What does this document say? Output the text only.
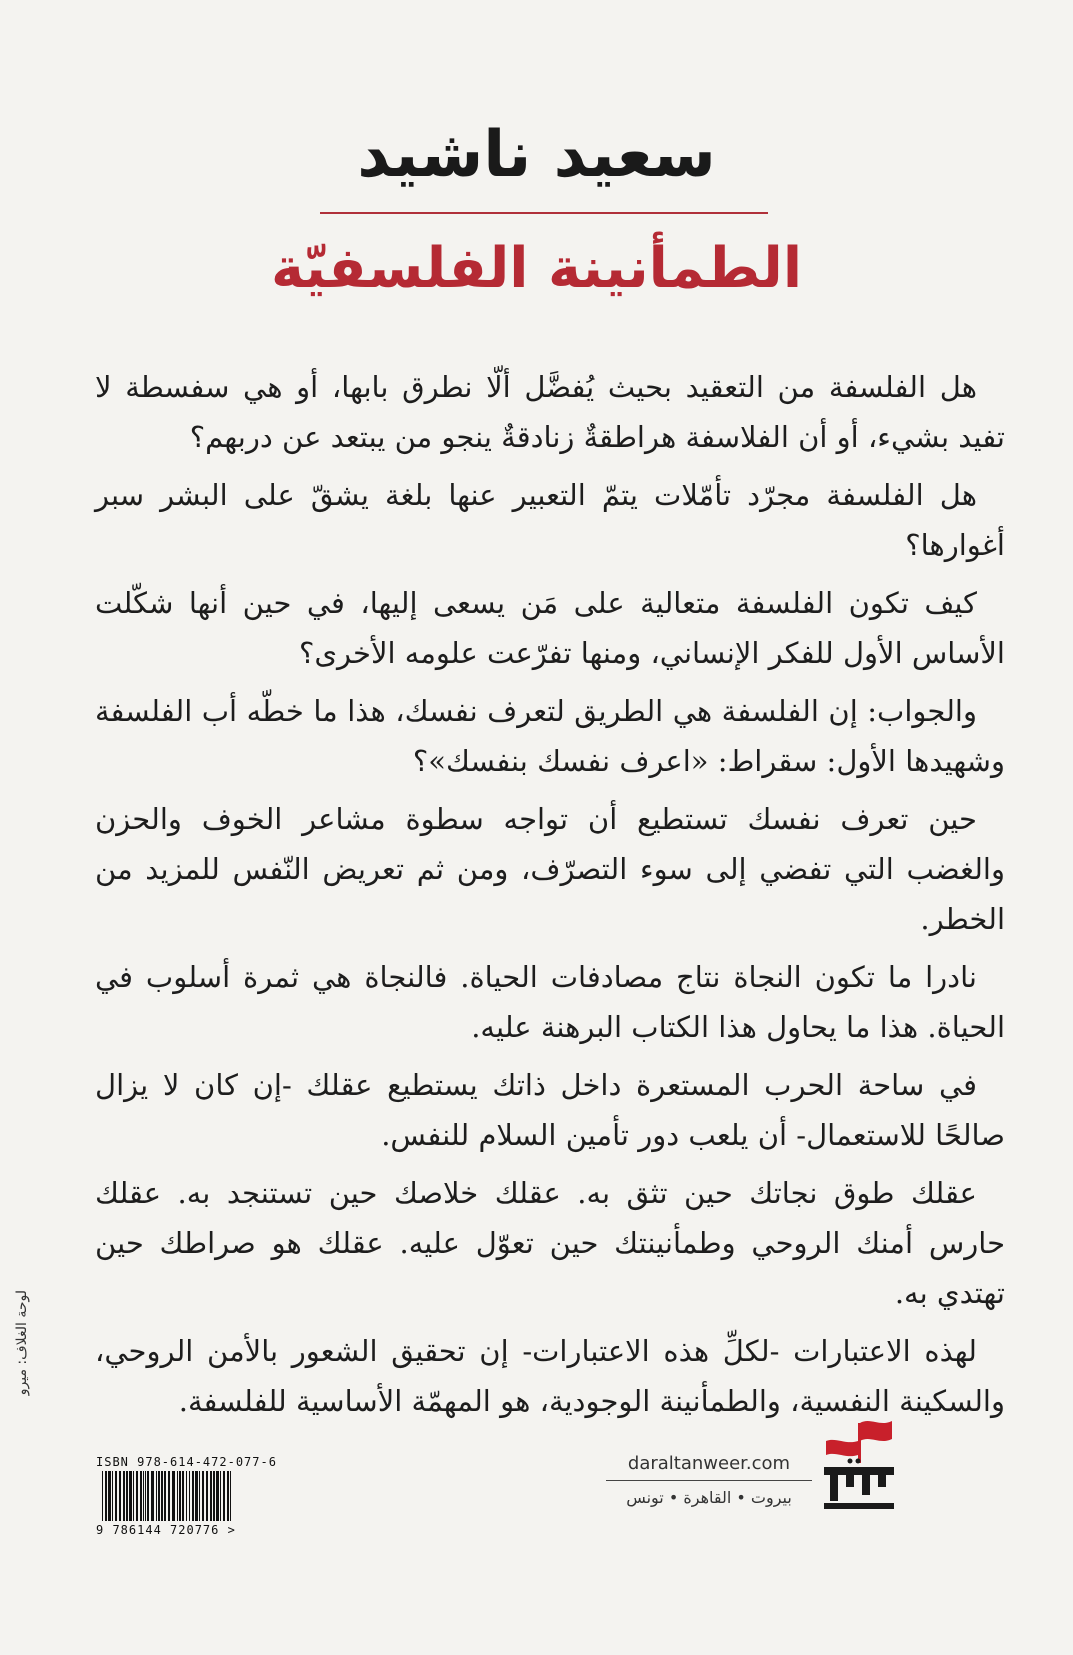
سعيد ناشيد
الطمأنينة الفلسفيّة

هل الفلسفة من التعقيد بحيث يُفضَّل ألّا نطرق بابها، أو هي سفسطة لا تفيد بشيء، أو أن الفلاسفة هراطقةٌ زنادقةٌ ينجو من يبتعد عن دربهم؟

هل الفلسفة مجرّد تأمّلات يتمّ التعبير عنها بلغة يشقّ على البشر سبر أغوارها؟

كيف تكون الفلسفة متعالية على مَن يسعى إليها، في حين أنها شكّلت الأساس الأول للفكر الإنساني، ومنها تفرّعت علومه الأخرى؟

والجواب: إن الفلسفة هي الطريق لتعرف نفسك، هذا ما خطّه أب الفلسفة وشهيدها الأول: سقراط: «اعرف نفسك بنفسك»؟

حين تعرف نفسك تستطيع أن تواجه سطوة مشاعر الخوف والحزن والغضب التي تفضي إلى سوء التصرّف، ومن ثم تعريض النّفس للمزيد من الخطر.

نادرا ما تكون النجاة نتاج مصادفات الحياة. فالنجاة هي ثمرة أسلوب في الحياة. هذا ما يحاول هذا الكتاب البرهنة عليه.

في ساحة الحرب المستعرة داخل ذاتك يستطيع عقلك -إن كان لا يزال صالحًا للاستعمال- أن يلعب دور تأمين السلام للنفس.

عقلك طوق نجاتك حين تثق به. عقلك خلاصك حين تستنجد به. عقلك حارس أمنك الروحي وطمأنينتك حين تعوّل عليه. عقلك هو صراطك حين تهتدي به.

لهذه الاعتبارات -لكلِّ هذه الاعتبارات- إن تحقيق الشعور بالأمن الروحي، والسكينة النفسية، والطمأنينة الوجودية، هو المهمّة الأساسية للفلسفة.

لوحة الغلاف: ميرو
ISBN 978-614-472-077-6
9 786144 720776 >
daraltanweer.com
بيروت • القاهرة • تونس
